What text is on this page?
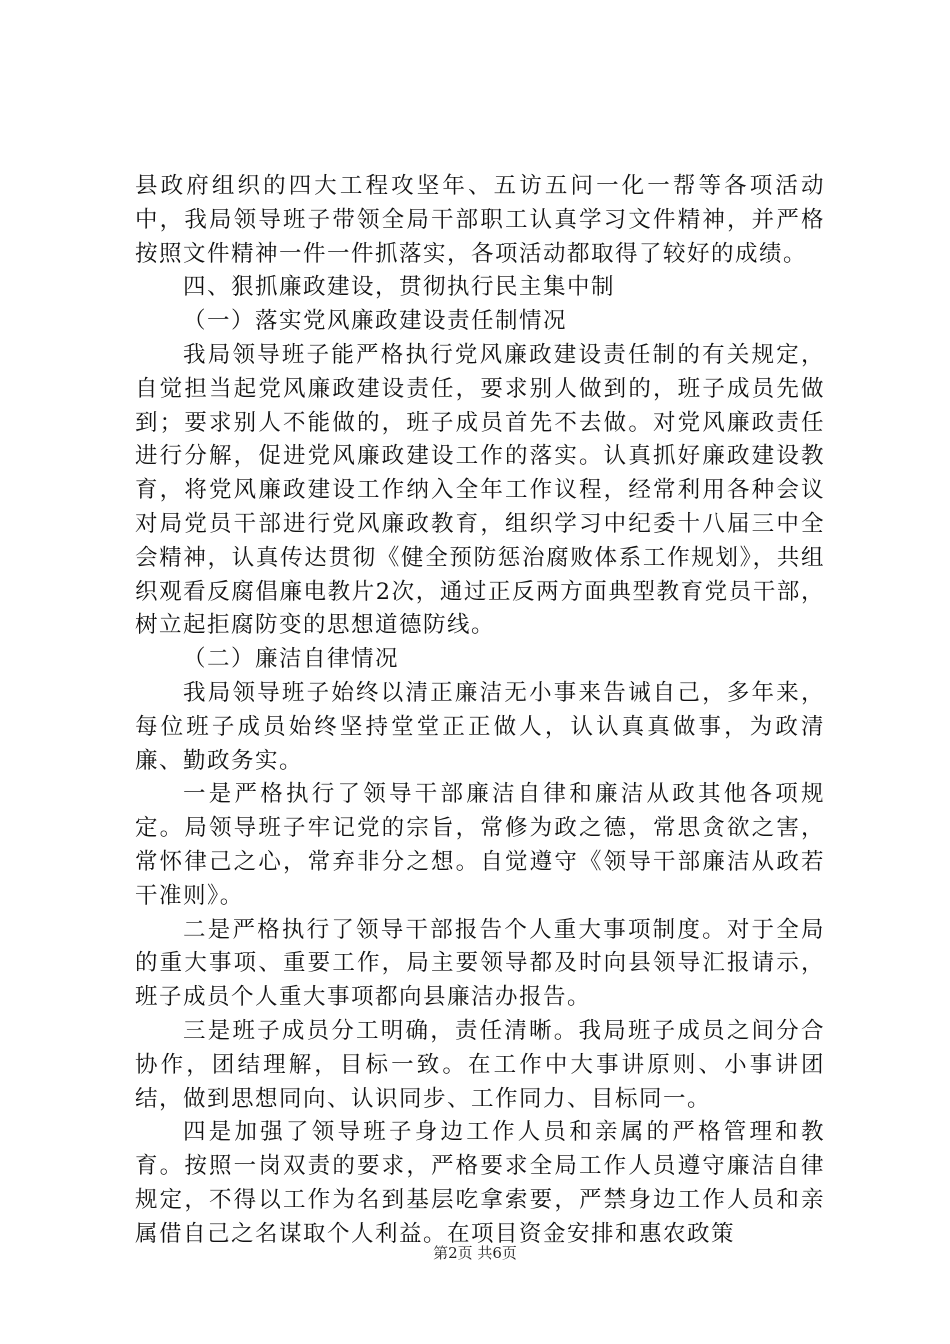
县政府组织的四大工程攻坚年、五访五问一化一帮等各项活动中，我局领导班子带领全局干部职工认真学习文件精神，并严格按照文件精神一件一件抓落实，各项活动都取得了较好的成绩。

四、狠抓廉政建设，贯彻执行民主集中制

（一）落实党风廉政建设责任制情况

我局领导班子能严格执行党风廉政建设责任制的有关规定，自觉担当起党风廉政建设责任，要求别人做到的，班子成员先做到；要求别人不能做的，班子成员首先不去做。对党风廉政责任进行分解，促进党风廉政建设工作的落实。认真抓好廉政建设教育，将党风廉政建设工作纳入全年工作议程，经常利用各种会议对局党员干部进行党风廉政教育，组织学习中纪委十八届三中全会精神，认真传达贯彻《健全预防惩治腐败体系工作规划》，共组织观看反腐倡廉电教片2次，通过正反两方面典型教育党员干部，树立起拒腐防变的思想道德防线。

（二）廉洁自律情况

我局领导班子始终以清正廉洁无小事来告诫自己，多年来，每位班子成员始终坚持堂堂正正做人，认认真真做事，为政清廉、勤政务实。

一是严格执行了领导干部廉洁自律和廉洁从政其他各项规定。局领导班子牢记党的宗旨，常修为政之德，常思贪欲之害，常怀律己之心，常弃非分之想。自觉遵守《领导干部廉洁从政若干准则》。

二是严格执行了领导干部报告个人重大事项制度。对于全局的重大事项、重要工作，局主要领导都及时向县领导汇报请示，班子成员个人重大事项都向县廉洁办报告。

三是班子成员分工明确，责任清晰。我局班子成员之间分合协作，团结理解，目标一致。在工作中大事讲原则、小事讲团结，做到思想同向、认识同步、工作同力、目标同一。

四是加强了领导班子身边工作人员和亲属的严格管理和教育。按照一岗双责的要求，严格要求全局工作人员遵守廉洁自律规定，不得以工作为名到基层吃拿索要，严禁身边工作人员和亲属借自己之名谋取个人利益。在项目资金安排和惠农政策

第2页 共6页
